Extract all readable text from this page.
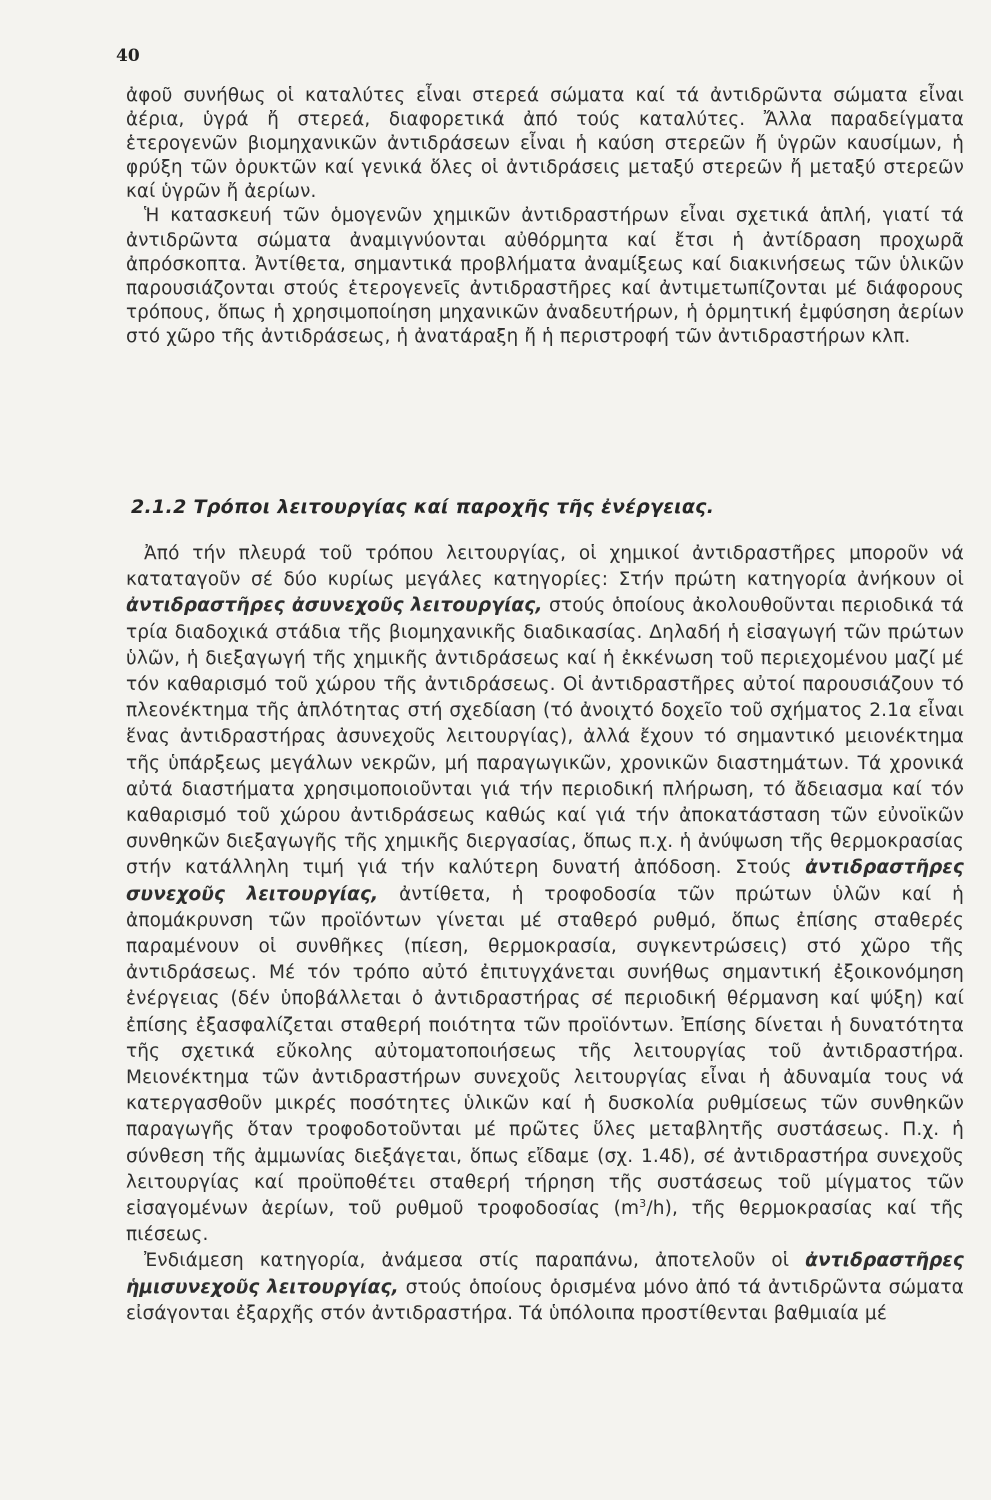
40

ἀφοῦ συνήθως οἱ καταλύτες εἶναι στερεά σώματα καί τά ἀντιδρῶντα σώματα εἶναι ἀέρια, ὑγρά ἤ στερεά, διαφορετικά ἀπό τούς καταλύτες. Ἄλλα παραδείγματα ἑτερογενῶν βιομηχανικῶν ἀντιδράσεων εἶναι ἡ καύση στερεῶν ἤ ὑγρῶν καυσίμων, ἡ φρύξη τῶν ὀρυκτῶν καί γενικά ὅλες οἱ ἀντιδράσεις μεταξύ στερεῶν ἤ μεταξύ στερεῶν καί ὑγρῶν ἤ ἀερίων.

Ἡ κατασκευή τῶν ὁμογενῶν χημικῶν ἀντιδραστήρων εἶναι σχετικά ἁπλή, γιατί τά ἀντιδρῶντα σώματα ἀναμιγνύονται αὐθόρμητα καί ἔτσι ἡ ἀντίδραση προχωρᾶ ἀπρόσκοπτα. Ἀντίθετα, σημαντικά προβλήματα ἀναμίξεως καί διακινήσεως τῶν ὑλικῶν παρουσιάζονται στούς ἑτερογενεῖς ἀντιδραστῆρες καί ἀντιμετωπίζονται μέ διάφορους τρόπους, ὅπως ἡ χρησιμοποίηση μηχανικῶν ἀναδευτήρων, ἡ ὁρμητική ἐμφύσηση ἀερίων στό χῶρο τῆς ἀντιδράσεως, ἡ ἀνατάραξη ἤ ἡ περιστροφή τῶν ἀντιδραστήρων κλπ.

2.1.2 Τρόποι λειτουργίας καί παροχῆς τῆς ἐνέργειας.

Ἀπό τήν πλευρά τοῦ τρόπου λειτουργίας, οἱ χημικοί ἀντιδραστῆρες μποροῦν νά καταταγοῦν σέ δύο κυρίως μεγάλες κατηγορίες: Στήν πρώτη κατηγορία ἀνήκουν οἱ ἀντιδραστῆρες ἀσυνεχοῦς λειτουργίας, στούς ὁποίους ἀκολουθοῦνται περιοδικά τά τρία διαδοχικά στάδια τῆς βιομηχανικῆς διαδικασίας. Δηλαδή ἡ εἰσαγωγή τῶν πρώτων ὑλῶν, ἡ διεξαγωγή τῆς χημικῆς ἀντιδράσεως καί ἡ ἐκκένωση τοῦ περιεχομένου μαζί μέ τόν καθαρισμό τοῦ χώρου τῆς ἀντιδράσεως. Οἱ ἀντιδραστῆρες αὐτοί παρουσιάζουν τό πλεονέκτημα τῆς ἁπλότητας στή σχεδίαση (τό ἀνοιχτό δοχεῖο τοῦ σχήματος 2.1α εἶναι ἕνας ἀντιδραστήρας ἀσυνεχοῦς λειτουργίας), ἀλλά ἔχουν τό σημαντικό μειονέκτημα τῆς ὑπάρξεως μεγάλων νεκρῶν, μή παραγωγικῶν, χρονικῶν διαστημάτων. Τά χρονικά αὐτά διαστήματα χρησιμοποιοῦνται γιά τήν περιοδική πλήρωση, τό ἄδειασμα καί τόν καθαρισμό τοῦ χώρου ἀντιδράσεως καθώς καί γιά τήν ἀποκατάσταση τῶν εὐνοϊκῶν συνθηκῶν διεξαγωγῆς τῆς χημικῆς διεργασίας, ὅπως π.χ. ἡ ἀνύψωση τῆς θερμοκρασίας στήν κατάλληλη τιμή γιά τήν καλύτερη δυνατή ἀπόδοση. Στούς ἀντιδραστῆρες συνεχοῦς λειτουργίας, ἀντίθετα, ἡ τροφοδοσία τῶν πρώτων ὑλῶν καί ἡ ἀπομάκρυνση τῶν προϊόντων γίνεται μέ σταθερό ρυθμό, ὅπως ἐπίσης σταθερές παραμένουν οἱ συνθῆκες (πίεση, θερμοκρασία, συγκεντρώσεις) στό χῶρο τῆς ἀντιδράσεως. Μέ τόν τρόπο αὐτό ἐπιτυγχάνεται συνήθως σημαντική ἐξοικονόμηση ἐνέργειας (δέν ὑποβάλλεται ὁ ἀντιδραστήρας σέ περιοδική θέρμανση καί ψύξη) καί ἐπίσης ἐξασφαλίζεται σταθερή ποιότητα τῶν προϊόντων. Ἐπίσης δίνεται ἡ δυνατότητα τῆς σχετικά εὔκολης αὐτοματοποιήσεως τῆς λειτουργίας τοῦ ἀντιδραστήρα. Μειονέκτημα τῶν ἀντιδραστήρων συνεχοῦς λειτουργίας εἶναι ἡ ἀδυναμία τους νά κατεργασθοῦν μικρές ποσότητες ὑλικῶν καί ἡ δυσκολία ρυθμίσεως τῶν συνθηκῶν παραγωγῆς ὅταν τροφοδοτοῦνται μέ πρῶτες ὕλες μεταβλητῆς συστάσεως. Π.χ. ἡ σύνθεση τῆς ἀμμωνίας διεξάγεται, ὅπως εἴδαμε (σχ. 1.4δ), σέ ἀντιδραστήρα συνεχοῦς λειτουργίας καί προϋποθέτει σταθερή τήρηση τῆς συστάσεως τοῦ μίγματος τῶν εἰσαγομένων ἀερίων, τοῦ ρυθμοῦ τροφοδοσίας $(m^3/h)$, τῆς θερμοκρασίας καί τῆς πιέσεως.

Ἐνδιάμεση κατηγορία, ἀνάμεσα στίς παραπάνω, ἀποτελοῦν οἱ ἀντιδραστῆρες ἡμισυνεχοῦς λειτουργίας, στούς ὁποίους ὁρισμένα μόνο ἀπό τά ἀντιδρῶντα σώματα εἰσάγονται ἐξαρχῆς στόν ἀντιδραστήρα. Τά ὑπόλοιπα προστίθενται βαθμιαία μέ
